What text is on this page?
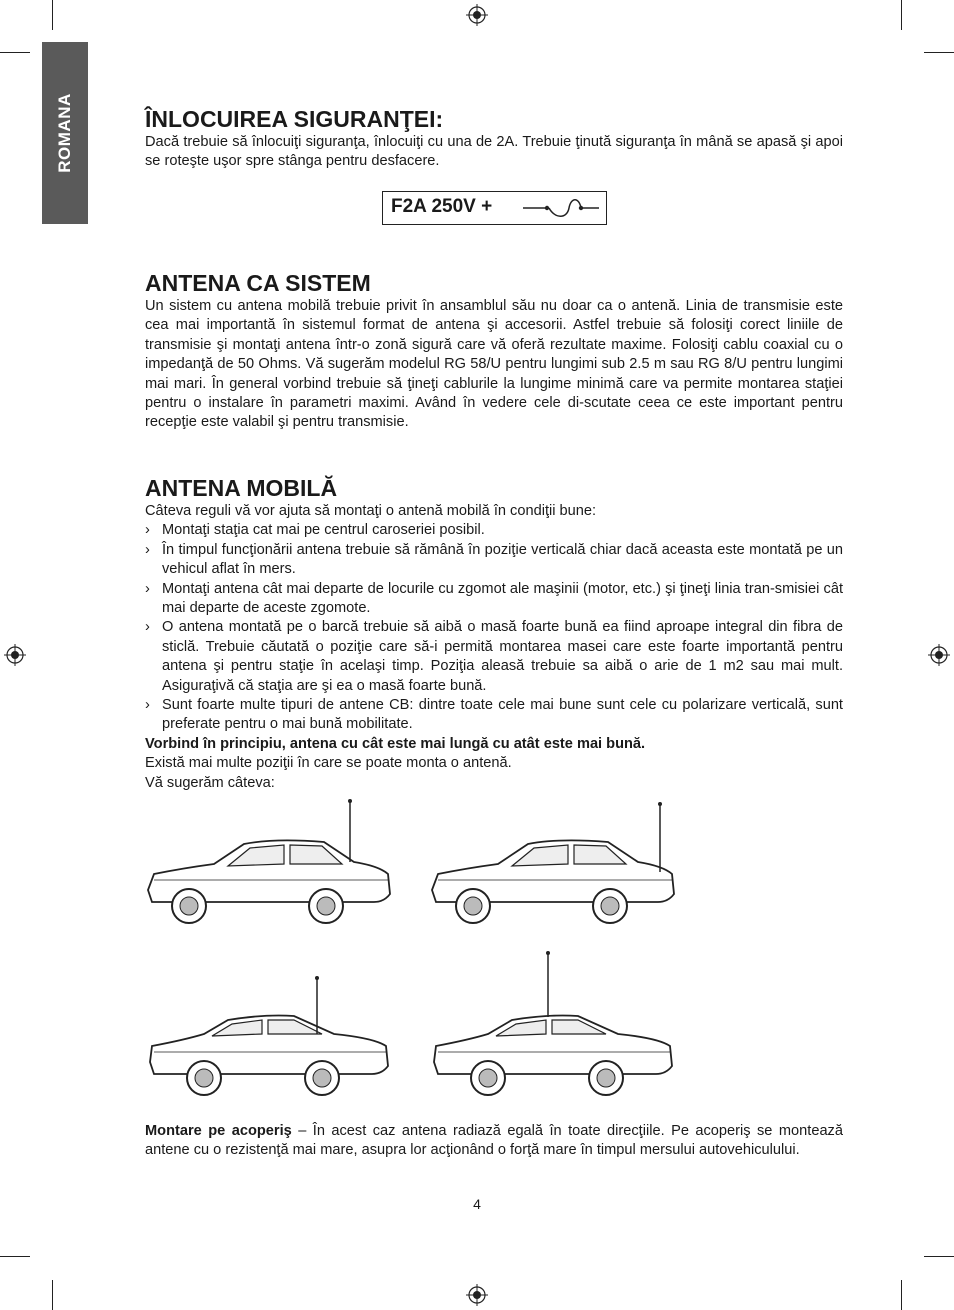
ROMANA	ÎNLOCUIREA SIGURANŢEI:

Dacă trebuie să înlocuiţi siguranţa, înlocuiţi cu una de 2A. Trebuie ţinută siguranţa în mână se apasă şi apoi se roteşte uşor spre stânga pentru desfacere.

F2A 250V +
ANTENA CA SISTEM

Un sistem cu antena mobilă trebuie privit în ansamblul său nu doar ca o antenă. Linia de transmisie este cea mai importantă în sistemul format de antena şi accesorii. Astfel trebuie să folosiţi corect liniile de transmisie şi montaţi antena într-o zonă sigură care vă oferă rezultate maxime. Folosiţi cablu coaxial cu o impedanţă de 50 Ohms. Vă sugerăm modelul RG 58/U pentru lungimi sub 2.5 m sau RG 8/U pentru lungimi mai mari. În general vorbind trebuie să ţineţi cablurile la lungime minimă care va permite montarea staţiei pentru o instalare în parametri maximi. Având în vedere cele di-scutate ceea ce este important pentru recepţie este valabil şi pentru transmisie.

ANTENA MOBILĂ

Câteva reguli vă vor ajuta să montaţi o antenă mobilă în condiţii bune:

› Montaţi staţia cat mai pe centrul caroseriei posibil.
› În timpul funcţionării antena trebuie să rămână în poziţie verticală chiar dacă aceasta este montată pe un vehicul aflat în mers.
› Montaţi antena cât mai departe de locurile cu zgomot ale maşinii (motor, etc.) şi ţineţi linia tran-smisiei cât mai departe de aceste zgomote.
› O antena montată pe o barcă trebuie să aibă o masă foarte bună ea fiind aproape integral din fibra de sticlă. Trebuie căutată o poziţie care să-i permită montarea masei care este foarte importantă pentru antena şi pentru staţie în acelaşi timp. Poziţia aleasă trebuie sa aibă o arie de 1 m2 sau mai mult. Asiguraţivă că staţia are şi ea o masă foarte bună.
› Sunt foarte multe tipuri de antene CB: dintre toate cele mai bune sunt cele cu polarizare verticală, sunt preferate pentru o mai bună mobilitate.

Vorbind în principiu, antena cu cât este mai lungă cu atât este mai bună.

Există mai multe poziţii în care se poate monta o antenă.

Vă sugerăm câteva:

Montare pe acoperiş – În acest caz antena radiază egală în toate direcţiile. Pe acoperiş se montează antene cu o rezistenţă mai mare, asupra lor acţionând o forţă mare în timpul mersului autovehiculului.

4
